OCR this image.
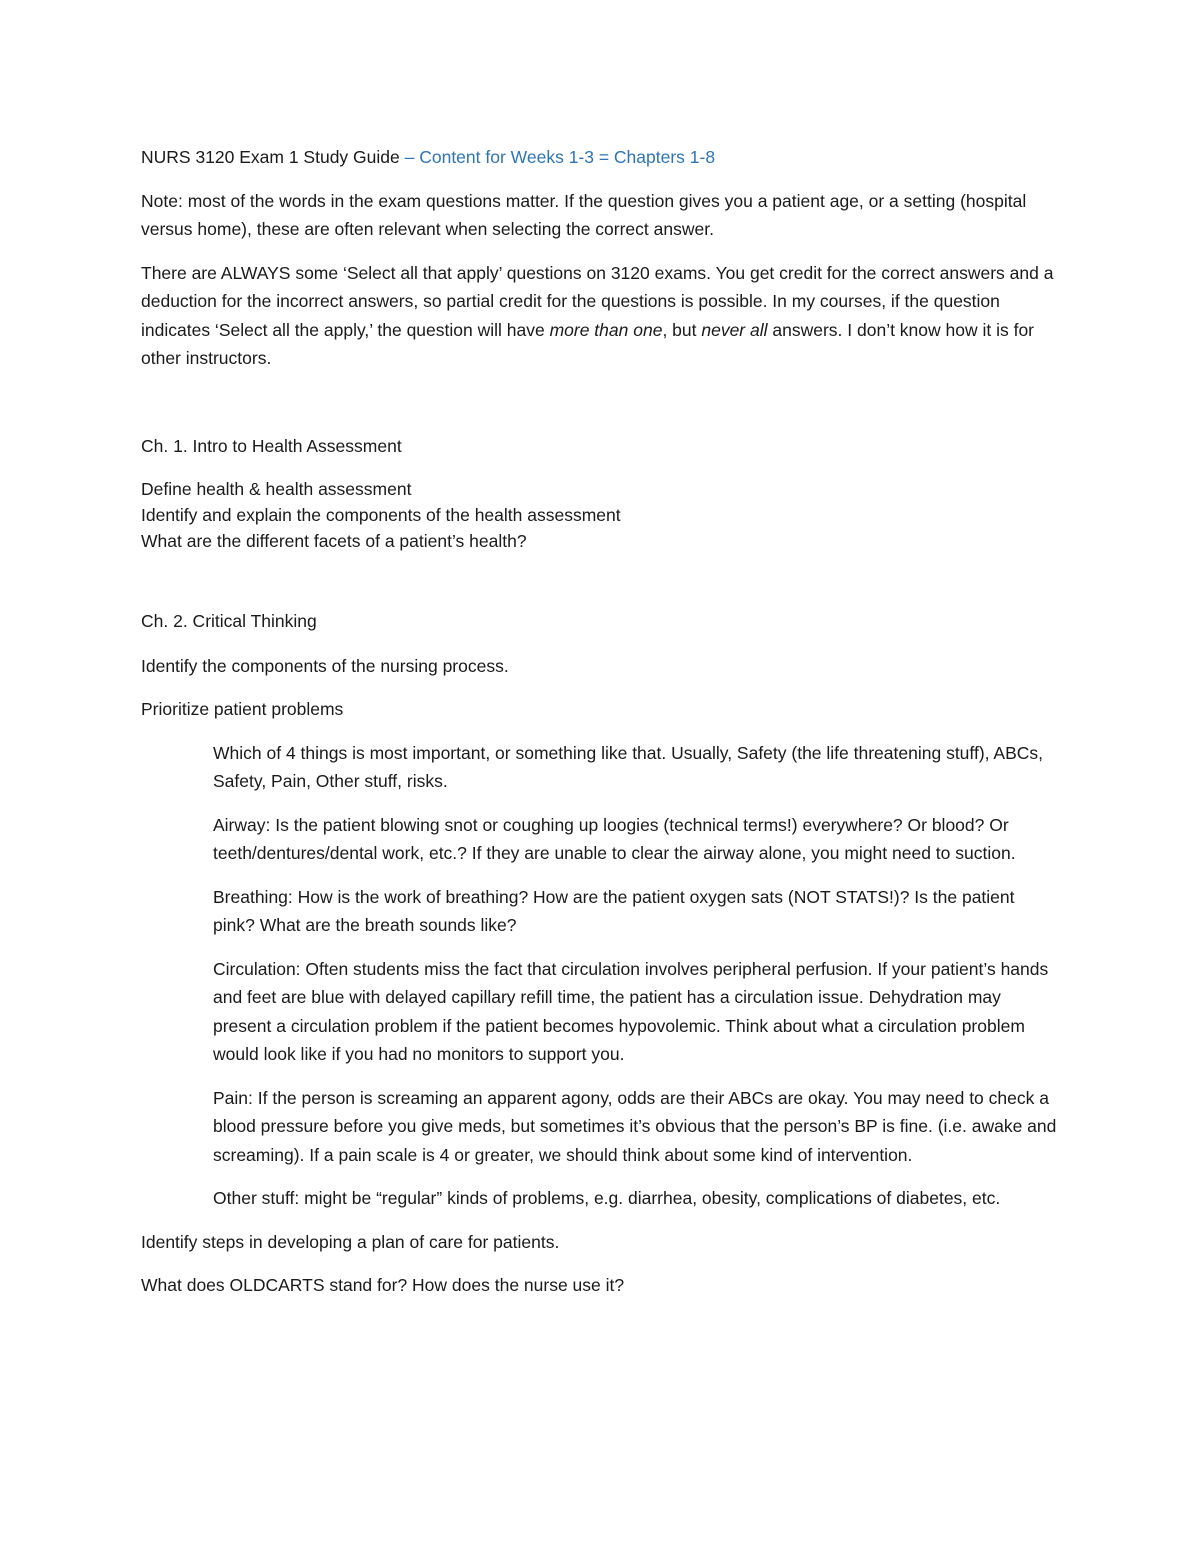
NURS 3120 Exam 1 Study Guide – Content for Weeks 1-3 = Chapters 1-8

Note: most of the words in the exam questions matter. If the question gives you a patient age, or a setting (hospital versus home), these are often relevant when selecting the correct answer.

There are ALWAYS some ‘Select all that apply’ questions on 3120 exams. You get credit for the correct answers and a deduction for the incorrect answers, so partial credit for the questions is possible. In my courses, if the question indicates ‘Select all the apply,’ the question will have more than one, but never all answers. I don’t know how it is for other instructors.

Ch. 1. Intro to Health Assessment

Define health & health assessment

Identify and explain the components of the health assessment

What are the different facets of a patient’s health?

Ch. 2. Critical Thinking

Identify the components of the nursing process.

Prioritize patient problems

Which of 4 things is most important, or something like that. Usually, Safety (the life threatening stuff), ABCs, Safety, Pain, Other stuff, risks.

Airway: Is the patient blowing snot or coughing up loogies (technical terms!) everywhere? Or blood? Or teeth/dentures/dental work, etc.? If they are unable to clear the airway alone, you might need to suction.

Breathing: How is the work of breathing? How are the patient oxygen sats (NOT STATS!)? Is the patient pink? What are the breath sounds like?

Circulation: Often students miss the fact that circulation involves peripheral perfusion. If your patient’s hands and feet are blue with delayed capillary refill time, the patient has a circulation issue. Dehydration may present a circulation problem if the patient becomes hypovolemic. Think about what a circulation problem would look like if you had no monitors to support you.

Pain: If the person is screaming an apparent agony, odds are their ABCs are okay. You may need to check a blood pressure before you give meds, but sometimes it’s obvious that the person’s BP is fine. (i.e. awake and screaming). If a pain scale is 4 or greater, we should think about some kind of intervention.

Other stuff: might be “regular” kinds of problems, e.g. diarrhea, obesity, complications of diabetes, etc.

Identify steps in developing a plan of care for patients.

What does OLDCARTS stand for? How does the nurse use it?
